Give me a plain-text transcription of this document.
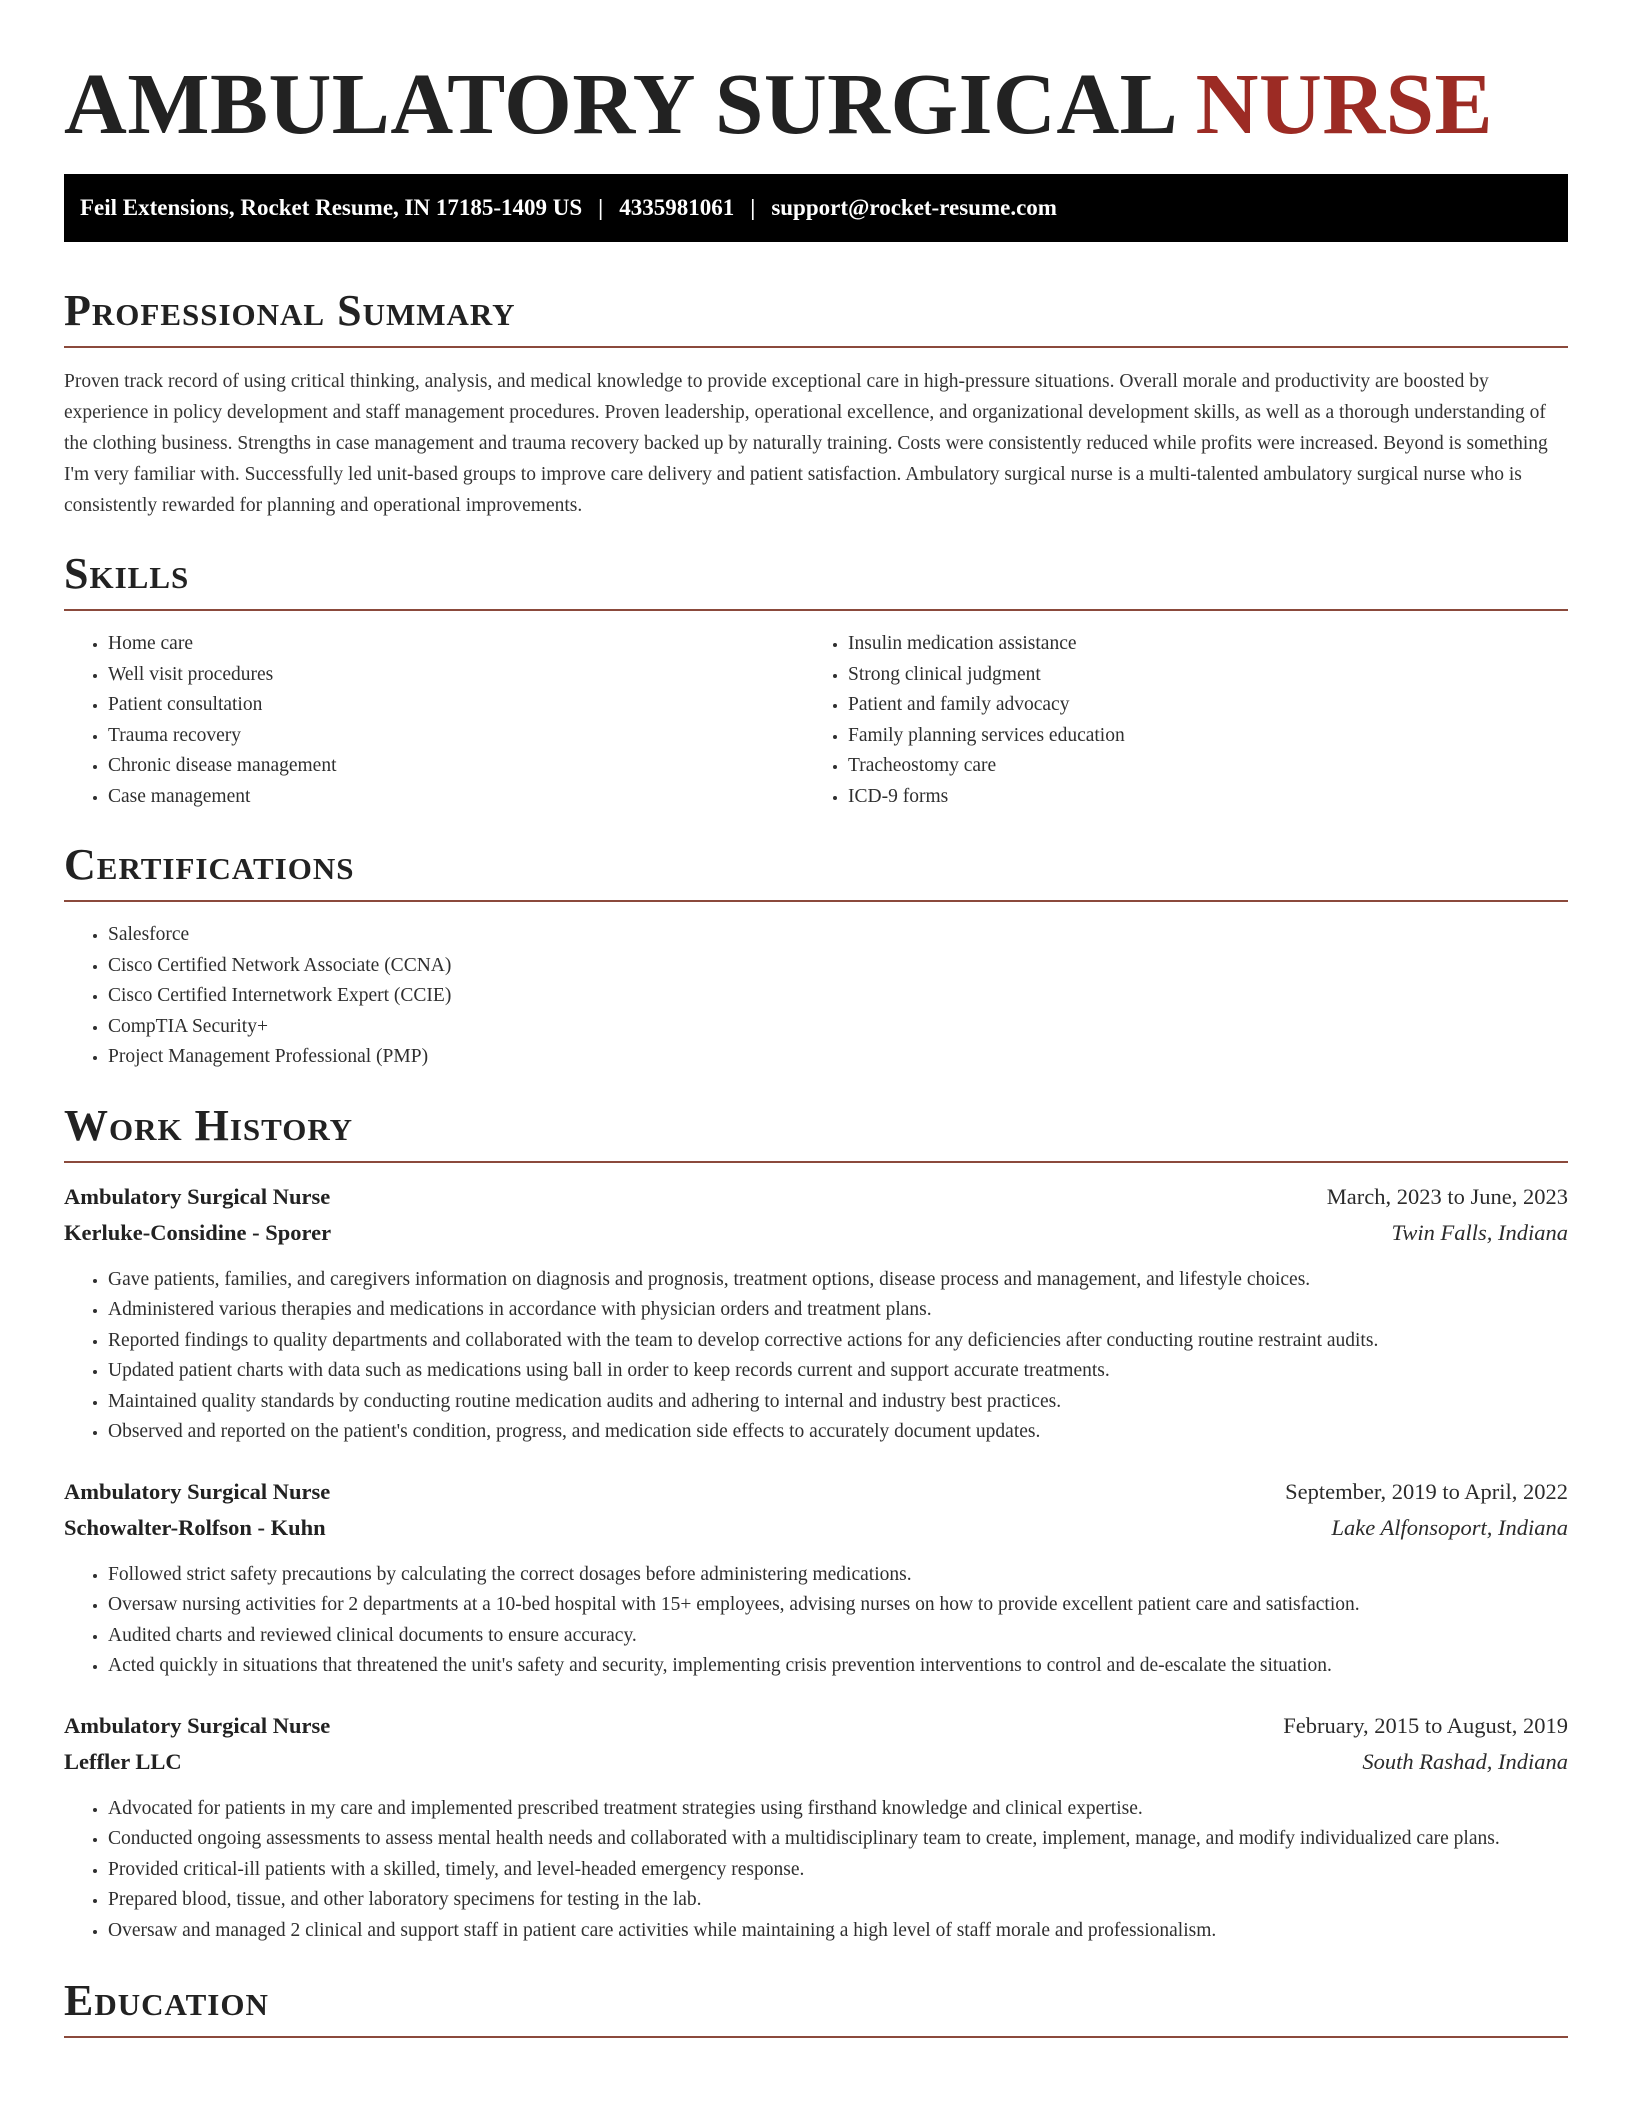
AMBULATORY SURGICAL NURSE
Feil Extensions, Rocket Resume, IN 17185-1409 US | 4335981061 | support@rocket-resume.com
Professional Summary

Proven track record of using critical thinking, analysis, and medical knowledge to provide exceptional care in high-pressure situations. Overall morale and productivity are boosted by experience in policy development and staff management procedures. Proven leadership, operational excellence, and organizational development skills, as well as a thorough understanding of the clothing business. Strengths in case management and trauma recovery backed up by naturally training. Costs were consistently reduced while profits were increased. Beyond is something I'm very familiar with. Successfully led unit-based groups to improve care delivery and patient satisfaction. Ambulatory surgical nurse is a multi-talented ambulatory surgical nurse who is consistently rewarded for planning and operational improvements.

Skills
• Home care
• Well visit procedures
• Patient consultation
• Trauma recovery
• Chronic disease management
• Case management
• Insulin medication assistance
• Strong clinical judgment
• Patient and family advocacy
• Family planning services education
• Tracheostomy care
• ICD-9 forms
Certifications
• Salesforce
• Cisco Certified Network Associate (CCNA)
• Cisco Certified Internetwork Expert (CCIE)
• CompTIA Security+
• Project Management Professional (PMP)
Work History
Ambulatory Surgical Nurse	March, 2023 to June, 2023
Kerluke-Considine - Sporer	Twin Falls, Indiana
• Gave patients, families, and caregivers information on diagnosis and prognosis, treatment options, disease process and management, and lifestyle choices.
• Administered various therapies and medications in accordance with physician orders and treatment plans.
• Reported findings to quality departments and collaborated with the team to develop corrective actions for any deficiencies after conducting routine restraint audits.
• Updated patient charts with data such as medications using ball in order to keep records current and support accurate treatments.
• Maintained quality standards by conducting routine medication audits and adhering to internal and industry best practices.
• Observed and reported on the patient's condition, progress, and medication side effects to accurately document updates.
Ambulatory Surgical Nurse	September, 2019 to April, 2022
Schowalter-Rolfson - Kuhn	Lake Alfonsoport, Indiana
• Followed strict safety precautions by calculating the correct dosages before administering medications.
• Oversaw nursing activities for 2 departments at a 10-bed hospital with 15+ employees, advising nurses on how to provide excellent patient care and satisfaction.
• Audited charts and reviewed clinical documents to ensure accuracy.
• Acted quickly in situations that threatened the unit's safety and security, implementing crisis prevention interventions to control and de-escalate the situation.
Ambulatory Surgical Nurse	February, 2015 to August, 2019
Leffler LLC	South Rashad, Indiana
• Advocated for patients in my care and implemented prescribed treatment strategies using firsthand knowledge and clinical expertise.
• Conducted ongoing assessments to assess mental health needs and collaborated with a multidisciplinary team to create, implement, manage, and modify individualized care plans.
• Provided critical-ill patients with a skilled, timely, and level-headed emergency response.
• Prepared blood, tissue, and other laboratory specimens for testing in the lab.
• Oversaw and managed 2 clinical and support staff in patient care activities while maintaining a high level of staff morale and professionalism.
Education
